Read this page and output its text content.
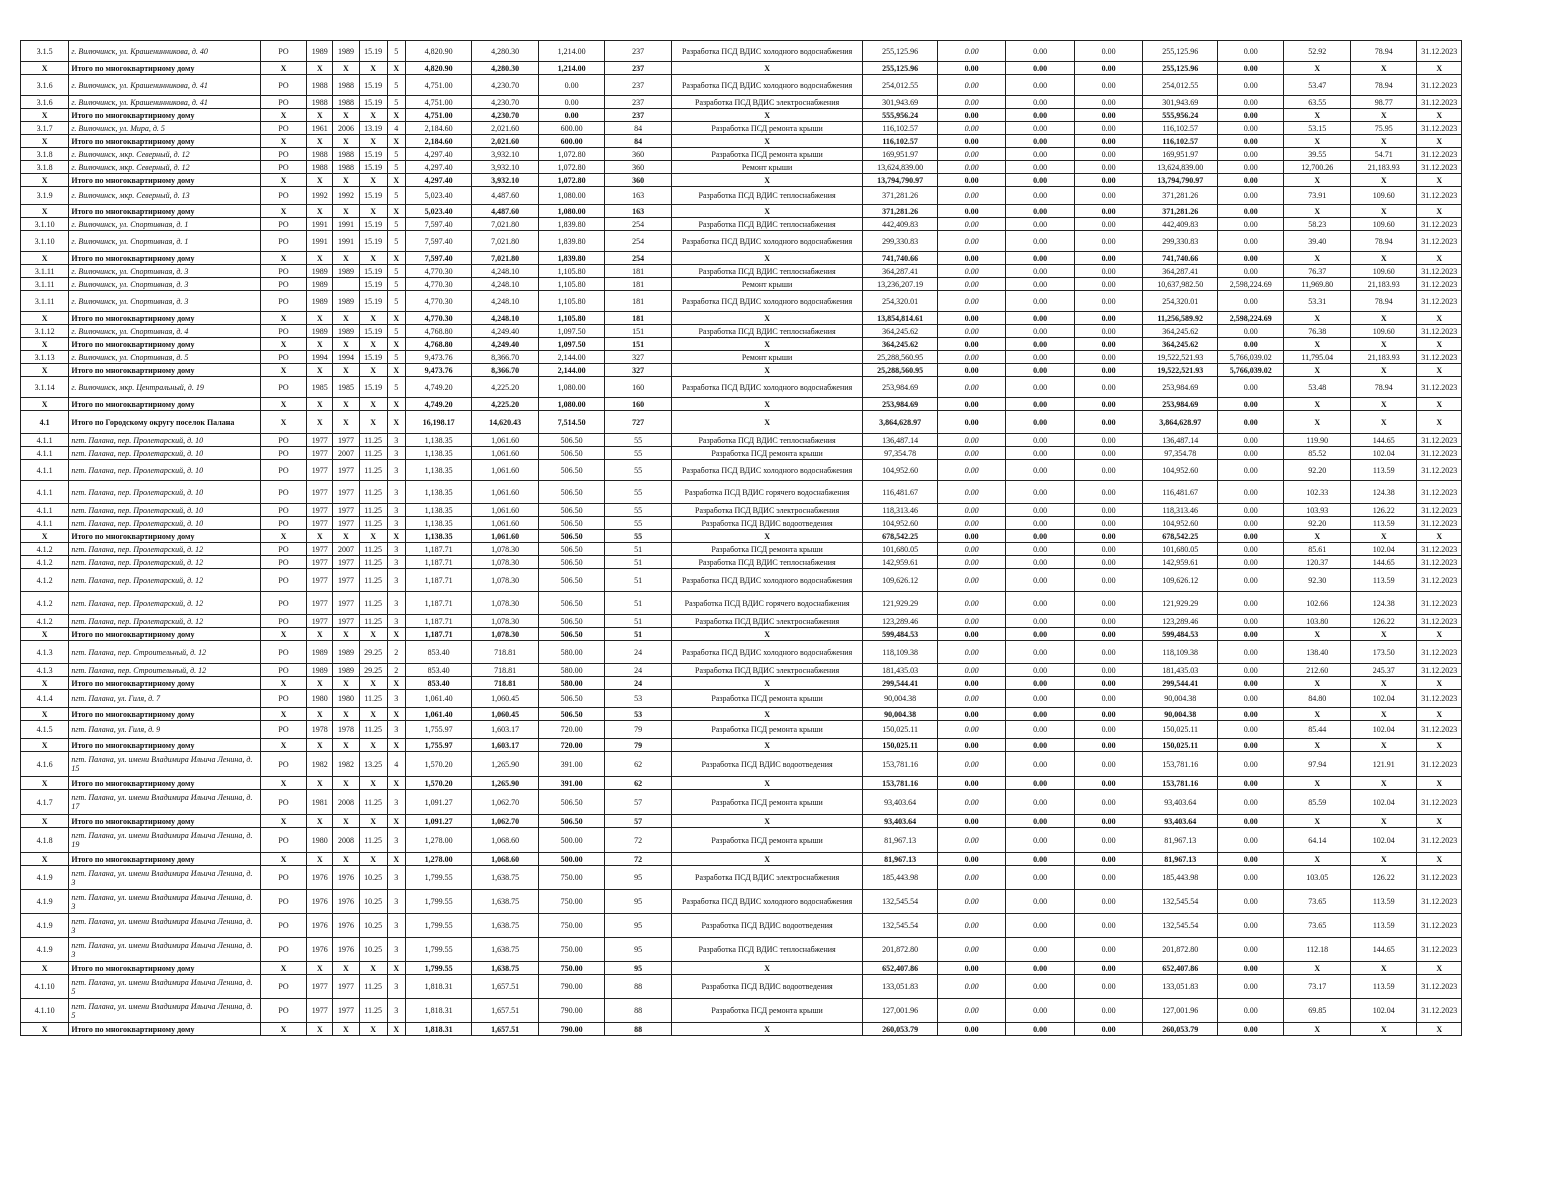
3.1.5	г. Вилючинск, ул. Крашенинникова, д. 40	РО	1989	1989	15.19	5	4,820.90	4,280.30	1,214.00	237	Разработка ПСД ВДИС холодного водоснабжения	255,125.96	0.00	0.00	0.00	255,125.96	0.00	52.92	78.94	31.12.2023
X	Итого по многоквартирному дому	X	X	X	X	X	4,820.90	4,280.30	1,214.00	237	X	255,125.96	0.00	0.00	0.00	255,125.96	0.00	X	X	X
3.1.6	г. Вилючинск, ул. Крашенинникова, д. 41	РО	1988	1988	15.19	5	4,751.00	4,230.70	0.00	237	Разработка ПСД ВДИС холодного водоснабжения	254,012.55	0.00	0.00	0.00	254,012.55	0.00	53.47	78.94	31.12.2023
3.1.6	г. Вилючинск, ул. Крашенинникова, д. 41	РО	1988	1988	15.19	5	4,751.00	4,230.70	0.00	237	Разработка ПСД ВДИС электроснабжения	301,943.69	0.00	0.00	0.00	301,943.69	0.00	63.55	98.77	31.12.2023
X	Итого по многоквартирному дому	X	X	X	X	X	4,751.00	4,230.70	0.00	237	X	555,956.24	0.00	0.00	0.00	555,956.24	0.00	X	X	X
3.1.7	г. Вилючинск, ул. Мира, д. 5	РО	1961	2006	13.19	4	2,184.60	2,021.60	600.00	84	Разработка ПСД ремонта крыши	116,102.57	0.00	0.00	0.00	116,102.57	0.00	53.15	75.95	31.12.2023
X	Итого по многоквартирному дому	X	X	X	X	X	2,184.60	2,021.60	600.00	84	X	116,102.57	0.00	0.00	0.00	116,102.57	0.00	X	X	X
3.1.8	г. Вилючинск, мкр. Северный, д. 12	РО	1988	1988	15.19	5	4,297.40	3,932.10	1,072.80	360	Разработка ПСД ремонта крыши	169,951.97	0.00	0.00	0.00	169,951.97	0.00	39.55	54.71	31.12.2023
3.1.8	г. Вилючинск, мкр. Северный, д. 12	РО	1988	1988	15.19	5	4,297.40	3,932.10	1,072.80	360	Ремонт крыши	13,624,839.00	0.00	0.00	0.00	13,624,839.00	0.00	12,700.26	21,183.93	31.12.2023
X	Итого по многоквартирному дому	X	X	X	X	X	4,297.40	3,932.10	1,072.80	360	X	13,794,790.97	0.00	0.00	0.00	13,794,790.97	0.00	X	X	X
3.1.9	г. Вилючинск, мкр. Северный, д. 13	РО	1992	1992	15.19	5	5,023.40	4,487.60	1,080.00	163	Разработка ПСД ВДИС теплоснабжения	371,281.26	0.00	0.00	0.00	371,281.26	0.00	73.91	109.60	31.12.2023
X	Итого по многоквартирному дому	X	X	X	X	X	5,023.40	4,487.60	1,080.00	163	X	371,281.26	0.00	0.00	0.00	371,281.26	0.00	X	X	X
3.1.10	г. Вилючинск, ул. Спортивная, д. 1	РО	1991	1991	15.19	5	7,597.40	7,021.80	1,839.80	254	Разработка ПСД ВДИС теплоснабжения	442,409.83	0.00	0.00	0.00	442,409.83	0.00	58.23	109.60	31.12.2023
3.1.10	г. Вилючинск, ул. Спортивная, д. 1	РО	1991	1991	15.19	5	7,597.40	7,021.80	1,839.80	254	Разработка ПСД ВДИС холодного водоснабжения	299,330.83	0.00	0.00	0.00	299,330.83	0.00	39.40	78.94	31.12.2023
X	Итого по многоквартирному дому	X	X	X	X	X	7,597.40	7,021.80	1,839.80	254	X	741,740.66	0.00	0.00	0.00	741,740.66	0.00	X	X	X
3.1.11	г. Вилючинск, ул. Спортивная, д. 3	РО	1989	1989	15.19	5	4,770.30	4,248.10	1,105.80	181	Разработка ПСД ВДИС теплоснабжения	364,287.41	0.00	0.00	0.00	364,287.41	0.00	76.37	109.60	31.12.2023
3.1.11	г. Вилючинск, ул. Спортивная, д. 3	РО	1989		15.19	5	4,770.30	4,248.10	1,105.80	181	Ремонт крыши	13,236,207.19	0.00	0.00	0.00	10,637,982.50	2,598,224.69	11,969.80	21,183.93	31.12.2023
3.1.11	г. Вилючинск, ул. Спортивная, д. 3	РО	1989	1989	15.19	5	4,770.30	4,248.10	1,105.80	181	Разработка ПСД ВДИС холодного водоснабжения	254,320.01	0.00	0.00	0.00	254,320.01	0.00	53.31	78.94	31.12.2023
X	Итого по многоквартирному дому	X	X	X	X	X	4,770.30	4,248.10	1,105.80	181	X	13,854,814.61	0.00	0.00	0.00	11,256,589.92	2,598,224.69	X	X	X
3.1.12	г. Вилючинск, ул. Спортивная, д. 4	РО	1989	1989	15.19	5	4,768.80	4,249.40	1,097.50	151	Разработка ПСД ВДИС теплоснабжения	364,245.62	0.00	0.00	0.00	364,245.62	0.00	76.38	109.60	31.12.2023
X	Итого по многоквартирному дому	X	X	X	X	X	4,768.80	4,249.40	1,097.50	151	X	364,245.62	0.00	0.00	0.00	364,245.62	0.00	X	X	X
3.1.13	г. Вилючинск, ул. Спортивная, д. 5	РО	1994	1994	15.19	5	9,473.76	8,366.70	2,144.00	327	Ремонт крыши	25,288,560.95	0.00	0.00	0.00	19,522,521.93	5,766,039.02	11,795.04	21,183.93	31.12.2023
X	Итого по многоквартирному дому	X	X	X	X	X	9,473.76	8,366.70	2,144.00	327	X	25,288,560.95	0.00	0.00	0.00	19,522,521.93	5,766,039.02	X	X	X
3.1.14	г. Вилючинск, мкр. Центральный, д. 19	РО	1985	1985	15.19	5	4,749.20	4,225.20	1,080.00	160	Разработка ПСД ВДИС холодного водоснабжения	253,984.69	0.00	0.00	0.00	253,984.69	0.00	53.48	78.94	31.12.2023
X	Итого по многоквартирному дому	X	X	X	X	X	4,749.20	4,225.20	1,080.00	160	X	253,984.69	0.00	0.00	0.00	253,984.69	0.00	X	X	X
4.1	Итого по Городскому округу поселок Палана	X	X	X	X	X	16,198.17	14,620.43	7,514.50	727	X	3,864,628.97	0.00	0.00	0.00	3,864,628.97	0.00	X	X	X
4.1.1	пгт. Палана, пер. Пролетарский, д. 10	РО	1977	1977	11.25	3	1,138.35	1,061.60	506.50	55	Разработка ПСД ВДИС теплоснабжения	136,487.14	0.00	0.00	0.00	136,487.14	0.00	119.90	144.65	31.12.2023
4.1.1	пгт. Палана, пер. Пролетарский, д. 10	РО	1977	2007	11.25	3	1,138.35	1,061.60	506.50	55	Разработка ПСД ремонта крыши	97,354.78	0.00	0.00	0.00	97,354.78	0.00	85.52	102.04	31.12.2023
4.1.1	пгт. Палана, пер. Пролетарский, д. 10	РО	1977	1977	11.25	3	1,138.35	1,061.60	506.50	55	Разработка ПСД ВДИС холодного водоснабжения	104,952.60	0.00	0.00	0.00	104,952.60	0.00	92.20	113.59	31.12.2023
4.1.1	пгт. Палана, пер. Пролетарский, д. 10	РО	1977	1977	11.25	3	1,138.35	1,061.60	506.50	55	Разработка ПСД ВДИС горячего водоснабжения	116,481.67	0.00	0.00	0.00	116,481.67	0.00	102.33	124.38	31.12.2023
4.1.1	пгт. Палана, пер. Пролетарский, д. 10	РО	1977	1977	11.25	3	1,138.35	1,061.60	506.50	55	Разработка ПСД ВДИС электроснабжения	118,313.46	0.00	0.00	0.00	118,313.46	0.00	103.93	126.22	31.12.2023
4.1.1	пгт. Палана, пер. Пролетарский, д. 10	РО	1977	1977	11.25	3	1,138.35	1,061.60	506.50	55	Разработка ПСД ВДИС водоотведения	104,952.60	0.00	0.00	0.00	104,952.60	0.00	92.20	113.59	31.12.2023
X	Итого по многоквартирному дому	X	X	X	X	X	1,138.35	1,061.60	506.50	55	X	678,542.25	0.00	0.00	0.00	678,542.25	0.00	X	X	X
4.1.2	пгт. Палана, пер. Пролетарский, д. 12	РО	1977	2007	11.25	3	1,187.71	1,078.30	506.50	51	Разработка ПСД ремонта крыши	101,680.05	0.00	0.00	0.00	101,680.05	0.00	85.61	102.04	31.12.2023
4.1.2	пгт. Палана, пер. Пролетарский, д. 12	РО	1977	1977	11.25	3	1,187.71	1,078.30	506.50	51	Разработка ПСД ВДИС теплоснабжения	142,959.61	0.00	0.00	0.00	142,959.61	0.00	120.37	144.65	31.12.2023
4.1.2	пгт. Палана, пер. Пролетарский, д. 12	РО	1977	1977	11.25	3	1,187.71	1,078.30	506.50	51	Разработка ПСД ВДИС холодного водоснабжения	109,626.12	0.00	0.00	0.00	109,626.12	0.00	92.30	113.59	31.12.2023
4.1.2	пгт. Палана, пер. Пролетарский, д. 12	РО	1977	1977	11.25	3	1,187.71	1,078.30	506.50	51	Разработка ПСД ВДИС горячего водоснабжения	121,929.29	0.00	0.00	0.00	121,929.29	0.00	102.66	124.38	31.12.2023
4.1.2	пгт. Палана, пер. Пролетарский, д. 12	РО	1977	1977	11.25	3	1,187.71	1,078.30	506.50	51	Разработка ПСД ВДИС электроснабжения	123,289.46	0.00	0.00	0.00	123,289.46	0.00	103.80	126.22	31.12.2023
X	Итого по многоквартирному дому	X	X	X	X	X	1,187.71	1,078.30	506.50	51	X	599,484.53	0.00	0.00	0.00	599,484.53	0.00	X	X	X
4.1.3	пгт. Палана, пер. Строительный, д. 12	РО	1989	1989	29.25	2	853.40	718.81	580.00	24	Разработка ПСД ВДИС холодного водоснабжения	118,109.38	0.00	0.00	0.00	118,109.38	0.00	138.40	173.50	31.12.2023
4.1.3	пгт. Палана, пер. Строительный, д. 12	РО	1989	1989	29.25	2	853.40	718.81	580.00	24	Разработка ПСД ВДИС электроснабжения	181,435.03	0.00	0.00	0.00	181,435.03	0.00	212.60	245.37	31.12.2023
X	Итого по многоквартирному дому	X	X	X	X	X	853.40	718.81	580.00	24	X	299,544.41	0.00	0.00	0.00	299,544.41	0.00	X	X	X
4.1.4	пгт. Палана, ул. Гиля, д. 7	РО	1980	1980	11.25	3	1,061.40	1,060.45	506.50	53	Разработка ПСД ремонта крыши	90,004.38	0.00	0.00	0.00	90,004.38	0.00	84.80	102.04	31.12.2023
X	Итого по многоквартирному дому	X	X	X	X	X	1,061.40	1,060.45	506.50	53	X	90,004.38	0.00	0.00	0.00	90,004.38	0.00	X	X	X
4.1.5	пгт. Палана, ул. Гиля, д. 9	РО	1978	1978	11.25	3	1,755.97	1,603.17	720.00	79	Разработка ПСД ремонта крыши	150,025.11	0.00	0.00	0.00	150,025.11	0.00	85.44	102.04	31.12.2023
X	Итого по многоквартирному дому	X	X	X	X	X	1,755.97	1,603.17	720.00	79	X	150,025.11	0.00	0.00	0.00	150,025.11	0.00	X	X	X
4.1.6	пгт. Палана, ул. имени Владимира Ильича Ленина, д. 15	РО	1982	1982	13.25	4	1,570.20	1,265.90	391.00	62	Разработка ПСД ВДИС водоотведения	153,781.16	0.00	0.00	0.00	153,781.16	0.00	97.94	121.91	31.12.2023
X	Итого по многоквартирному дому	X	X	X	X	X	1,570.20	1,265.90	391.00	62	X	153,781.16	0.00	0.00	0.00	153,781.16	0.00	X	X	X
4.1.7	пгт. Палана, ул. имени Владимира Ильича Ленина, д. 17	РО	1981	2008	11.25	3	1,091.27	1,062.70	506.50	57	Разработка ПСД ремонта крыши	93,403.64	0.00	0.00	0.00	93,403.64	0.00	85.59	102.04	31.12.2023
X	Итого по многоквартирному дому	X	X	X	X	X	1,091.27	1,062.70	506.50	57	X	93,403.64	0.00	0.00	0.00	93,403.64	0.00	X	X	X
4.1.8	пгт. Палана, ул. имени Владимира Ильича Ленина, д. 19	РО	1980	2008	11.25	3	1,278.00	1,068.60	500.00	72	Разработка ПСД ремонта крыши	81,967.13	0.00	0.00	0.00	81,967.13	0.00	64.14	102.04	31.12.2023
X	Итого по многоквартирному дому	X	X	X	X	X	1,278.00	1,068.60	500.00	72	X	81,967.13	0.00	0.00	0.00	81,967.13	0.00	X	X	X
4.1.9	пгт. Палана, ул. имени Владимира Ильича Ленина, д. 3	РО	1976	1976	10.25	3	1,799.55	1,638.75	750.00	95	Разработка ПСД ВДИС электроснабжения	185,443.98	0.00	0.00	0.00	185,443.98	0.00	103.05	126.22	31.12.2023
4.1.9	пгт. Палана, ул. имени Владимира Ильича Ленина, д. 3	РО	1976	1976	10.25	3	1,799.55	1,638.75	750.00	95	Разработка ПСД ВДИС холодного водоснабжения	132,545.54	0.00	0.00	0.00	132,545.54	0.00	73.65	113.59	31.12.2023
4.1.9	пгт. Палана, ул. имени Владимира Ильича Ленина, д. 3	РО	1976	1976	10.25	3	1,799.55	1,638.75	750.00	95	Разработка ПСД ВДИС водоотведения	132,545.54	0.00	0.00	0.00	132,545.54	0.00	73.65	113.59	31.12.2023
4.1.9	пгт. Палана, ул. имени Владимира Ильича Ленина, д. 3	РО	1976	1976	10.25	3	1,799.55	1,638.75	750.00	95	Разработка ПСД ВДИС теплоснабжения	201,872.80	0.00	0.00	0.00	201,872.80	0.00	112.18	144.65	31.12.2023
X	Итого по многоквартирному дому	X	X	X	X	X	1,799.55	1,638.75	750.00	95	X	652,407.86	0.00	0.00	0.00	652,407.86	0.00	X	X	X
4.1.10	пгт. Палана, ул. имени Владимира Ильича Ленина, д. 5	РО	1977	1977	11.25	3	1,818.31	1,657.51	790.00	88	Разработка ПСД ВДИС водоотведения	133,051.83	0.00	0.00	0.00	133,051.83	0.00	73.17	113.59	31.12.2023
4.1.10	пгт. Палана, ул. имени Владимира Ильича Ленина, д. 5	РО	1977	1977	11.25	3	1,818.31	1,657.51	790.00	88	Разработка ПСД ремонта крыши	127,001.96	0.00	0.00	0.00	127,001.96	0.00	69.85	102.04	31.12.2023
X	Итого по многоквартирному дому	X	X	X	X	X	1,818.31	1,657.51	790.00	88	X	260,053.79	0.00	0.00	0.00	260,053.79	0.00	X	X	X
